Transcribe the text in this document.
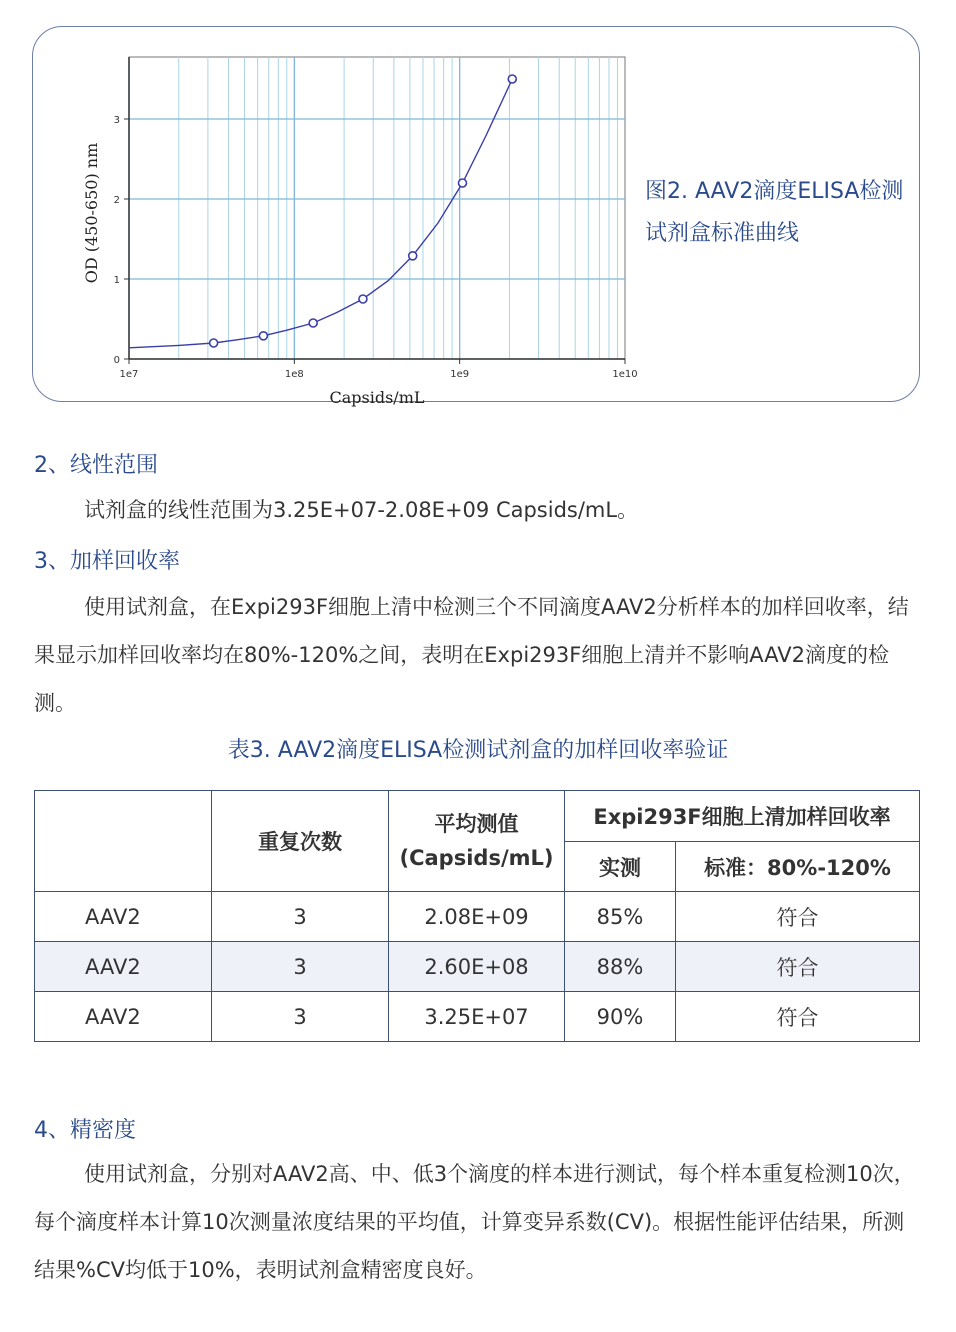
0
1
2
3
1e7	1e8	1e9	1e10
Capsids/mL
OD (450-650) nm	图2. AAV2滴度ELISA检测试剂盒标准曲线
2、线性范围
试剂盒的线性范围为3.25E+07-2.08E+09 Capsids/mL。
3、加样回收率
使用试剂盒，在Expi293F细胞上清中检测三个不同滴度AAV2分析样本的加样回收率，结果显示加样回收率均在80%-120%之间，表明在Expi293F细胞上清并不影响AAV2滴度的检测。
表3. AAV2滴度ELISA检测试剂盒的加样回收率验证
	重复次数	平均测值(Capsids/mL)	Expi293F细胞上清加样回收率	
			实测	标准：80%-120%
AAV2	3	2.08E+09	85%	符合
AAV2	3	2.60E+08	88%	符合
AAV2	3	3.25E+07	90%	符合
4、精密度
使用试剂盒，分别对AAV2高、中、低3个滴度的样本进行测试，每个样本重复检测10次，每个滴度样本计算10次测量浓度结果的平均值，计算变异系数(CV)。根据性能评估结果，所测结果%CV均低于10%，表明试剂盒精密度良好。
